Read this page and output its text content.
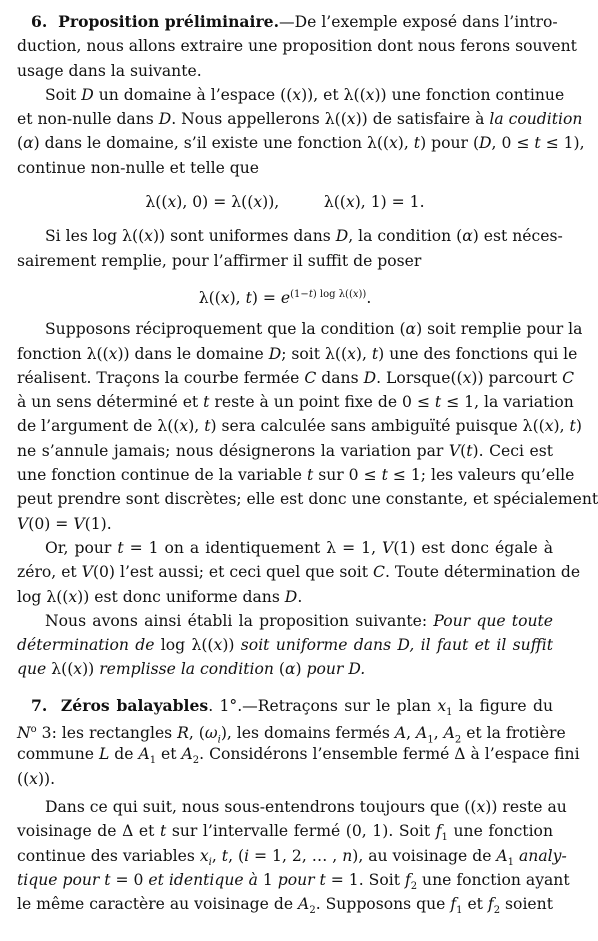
6.  Proposition préliminaire.—De l’exemple exposé dans l’intro-
duction, nous allons extraire une proposition dont nous ferons souvent
usage dans la suivante.
Soit D un domaine à l’espace ((x)), et λ((x)) une fonction continue
et non-nulle dans D. Nous appellerons λ((x)) de satisfaire à la coudition
(α) dans le domaine, s’il existe une fonction λ((x), t) pour (D, 0 ≤ t ≤ 1),
continue non-nulle et telle que
λ((x), 0) = λ((x)),         λ((x), 1) = 1.
Si les log λ((x)) sont uniformes dans D, la condition (α) est néces-
sairement remplie, pour l’affirmer il suffit de poser
λ((x), $t) = e^{(1-t) log \lambda((x))}$.
Supposons réciproquement que la condition (α) soit remplie pour la
fonction λ((x)) dans le domaine D; soit λ((x), t) une des fonctions qui le
réalisent. Traçons la courbe fermée C dans D. Lorsque((x)) parcourt C
à un sens déterminé et t reste à un point fixe de 0 ≤ t ≤ 1, la variation
de l’argument de λ((x), t) sera calculée sans ambiguïté puisque λ((x), t)
ne s’annule jamais; nous désignerons la variation par V(t). Ceci est
une fonction continue de la variable t sur 0 ≤ t ≤ 1; les valeurs qu’elle
peut prendre sont discrètes; elle est donc une constante, et spécialement
V(0) = V(1).
Or, pour t = 1 on a identiquement λ = 1, V(1) est donc égale à
zéro, et V(0) l’est aussi; et ceci quel que soit C. Toute détermination de
log λ((x)) est donc uniforme dans D.
Nous avons ainsi établi la proposition suivante: Pour que toute
détermination de log λ((x)) soit uniforme dans D, il faut et il suffit
que λ((x)) remplisse la condition (α) pour D.
7.  Zéros balayables. 1°.—Retraçons sur le plan $x_1$ la figure du
$N^o$ 3: les rectangles R, $(\omega_i)$, les domains fermés A, $A_1$, $A_2$ et la frotière
commune L de $A_1$ et $A_2$. Considérons l’ensemble fermé Δ à l’espace fini
((x)).
Dans ce qui suit, nous sous-entendrons toujours que ((x)) reste au
voisinage de Δ et t sur l’intervalle fermé (0, 1). Soit $f_1$ une fonction
continue des variables $x_i$, t, (i = 1, 2, … , n), au voisinage de $A_1$ analy-
tique pour t = 0 et identique à 1 pour t = 1. Soit $f_2$ une fonction ayant
le même caractère au voisinage de $A_2$. Supposons que $f_1$ et $f_2$ soient
